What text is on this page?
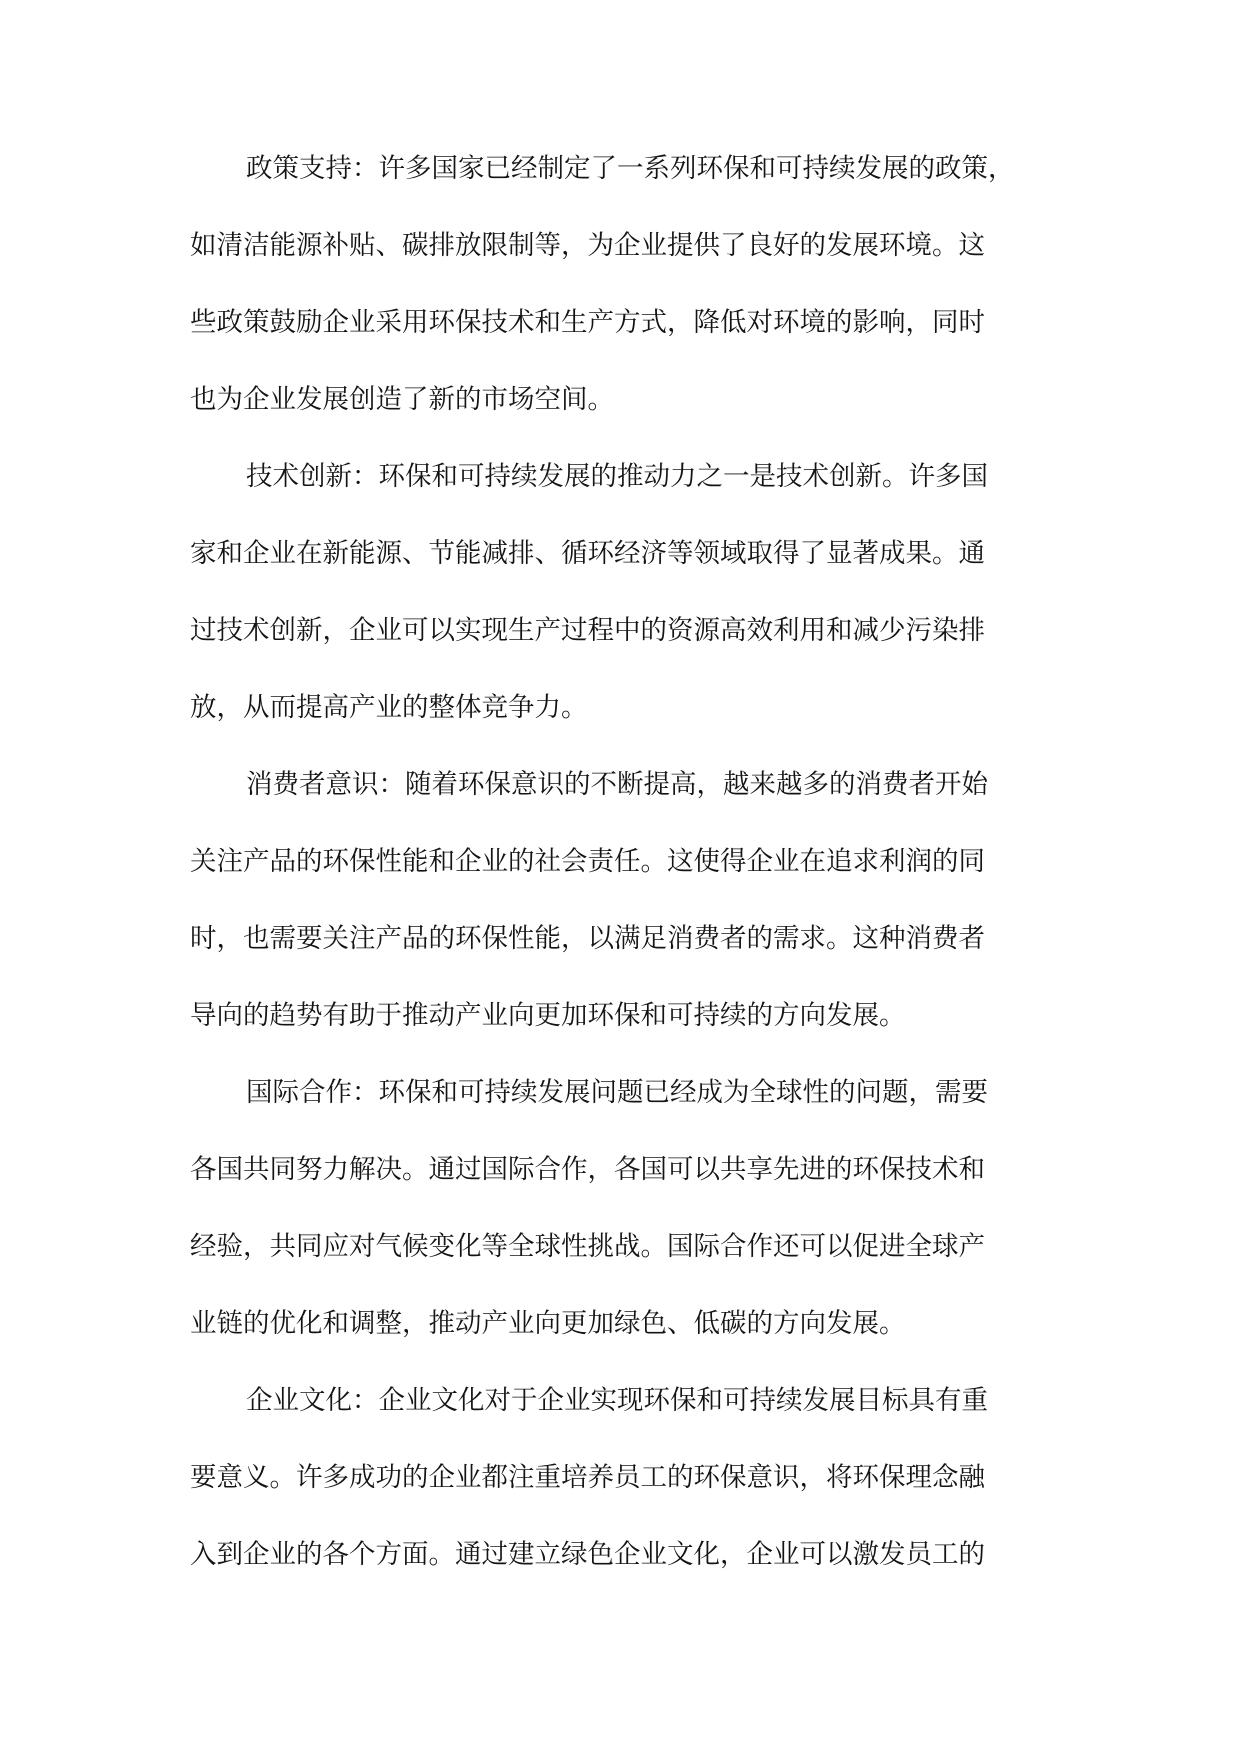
政策支持：许多国家已经制定了一系列环保和可持续发展的政策，
如清洁能源补贴、碳排放限制等，为企业提供了良好的发展环境。这
些政策鼓励企业采用环保技术和生产方式，降低对环境的影响，同时
也为企业发展创造了新的市场空间。
技术创新：环保和可持续发展的推动力之一是技术创新。许多国
家和企业在新能源、节能减排、循环经济等领域取得了显著成果。通
过技术创新，企业可以实现生产过程中的资源高效利用和减少污染排
放，从而提高产业的整体竞争力。
消费者意识：随着环保意识的不断提高，越来越多的消费者开始
关注产品的环保性能和企业的社会责任。这使得企业在追求利润的同
时，也需要关注产品的环保性能，以满足消费者的需求。这种消费者
导向的趋势有助于推动产业向更加环保和可持续的方向发展。
国际合作：环保和可持续发展问题已经成为全球性的问题，需要
各国共同努力解决。通过国际合作，各国可以共享先进的环保技术和
经验，共同应对气候变化等全球性挑战。国际合作还可以促进全球产
业链的优化和调整，推动产业向更加绿色、低碳的方向发展。
企业文化：企业文化对于企业实现环保和可持续发展目标具有重
要意义。许多成功的企业都注重培养员工的环保意识，将环保理念融
入到企业的各个方面。通过建立绿色企业文化，企业可以激发员工的
